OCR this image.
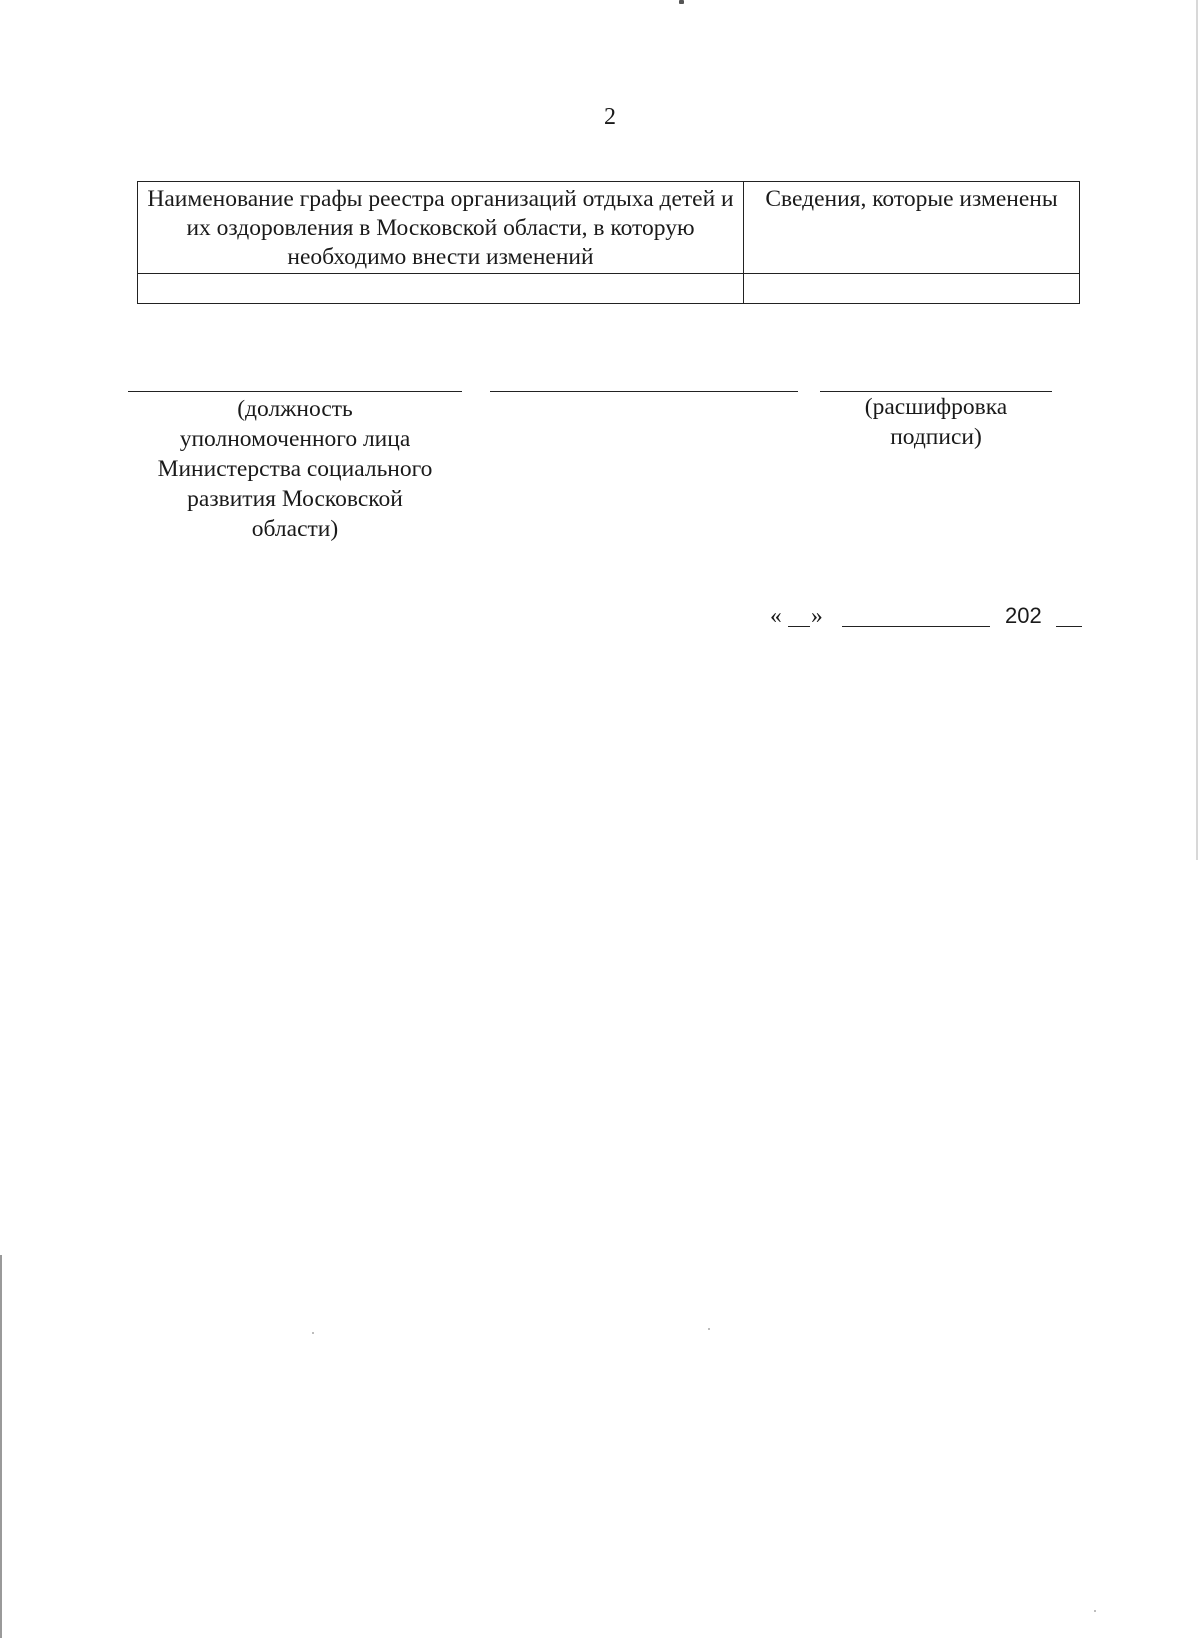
2
Наименование графы реестра организаций отдыха детей и их оздоровления в Московской области, в которую необходимо внести изменений	Сведения, которые изменены

(должность
уполномоченного лица
Министерства социального
развития Московской
области)
(расшифровка
подписи)
« »	202
